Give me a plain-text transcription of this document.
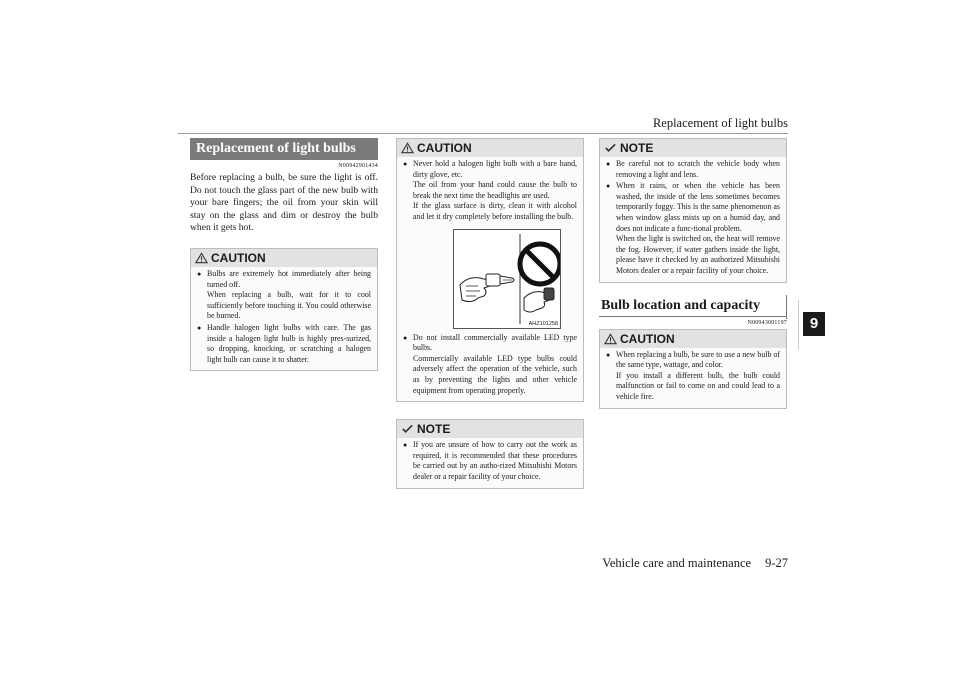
Replacement of light bulbs
Replacement of light bulbs
N00942901434

Before replacing a bulb, be sure the light is off. Do not touch the glass part of the new bulb with your bare fingers; the oil from your skin will stay on the glass and dim or destroy the bulb when it gets hot.

CAUTION

● Bulbs are extremely hot immediately after being turned off.

When replacing a bulb, wait for it to cool sufficiently before touching it. You could otherwise be burned.

● Handle halogen light bulbs with care. The gas inside a halogen light bulb is highly pres-surized, so dropping, knocking, or scratching a halogen light bulb can cause it to shatter.

CAUTION

● Never hold a halogen light bulb with a bare hand, dirty glove, etc.

The oil from your hand could cause the bulb to break the next time the headlights are used.

If the glass surface is dirty, clean it with alcohol and let it dry completely before installing the bulb.

AHZ101258

● Do not install commercially available LED type bulbs.

Commercially available LED type bulbs could adversely affect the operation of the vehicle, such as by preventing the lights and other vehicle equipment from operating properly.

NOTE

● If you are unsure of how to carry out the work as required, it is recommended that these procedures be carried out by an autho-rized Mitsubishi Motors dealer or a repair facility of your choice.

NOTE

● Be careful not to scratch the vehicle body when removing a light and lens.

● When it rains, or when the vehicle has been washed, the inside of the lens sometimes becomes temporarily foggy. This is the same phenomenon as when window glass mists up on a humid day, and does not indicate a func-tional problem.

When the light is switched on, the heat will remove the fog. However, if water gathers inside the light, please have it checked by an authorized Mitsubishi Motors dealer or a repair facility of your choice.

Bulb location and capacity
N00943001197
CAUTION

● When replacing a bulb, be sure to use a new bulb of the same type, wattage, and color.

If you install a different bulb, the bulb could malfunction or fail to come on and could lead to a vehicle fire.

9
Vehicle care and maintenance 9-27
